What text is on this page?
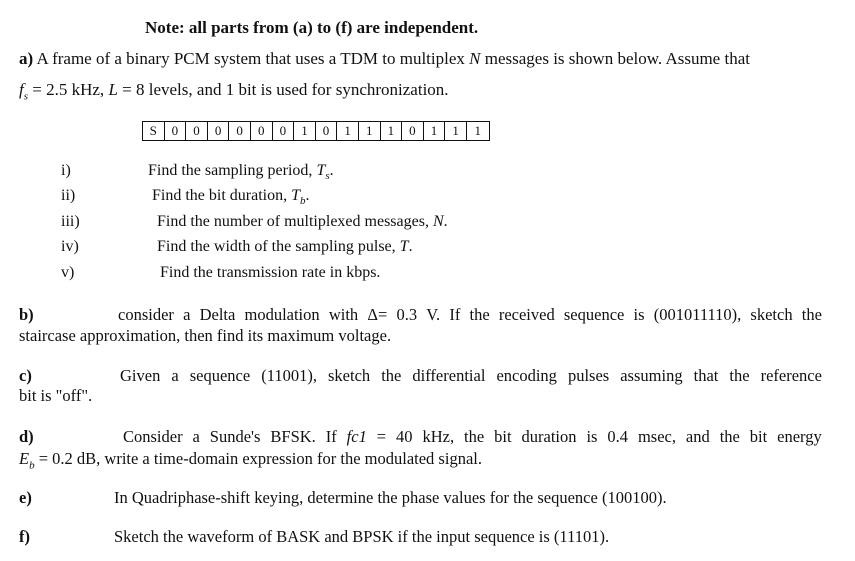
Note: all parts from (a) to (f) are independent.
a) A frame of a binary PCM system that uses a TDM to multiplex N messages is shown below. Assume that
$f_s = 2.5$ kHz, L = 8 levels, and 1 bit is used for synchronization.
S	0	0	0	0	0	0	1	0	1	1	1	0	1	1	1
i)	Find the sampling period, $T_s$.
ii)	Find the bit duration, $T_b$.
iii)	Find the number of multiplexed messages, N.
iv)	Find the width of the sampling pulse, T.
v)	Find the transmission rate in kbps.
b)	consider a Delta modulation with Δ= 0.3 V. If the received sequence is (001011110), sketch the
staircase approximation, then find its maximum voltage.
c)	Given a sequence (11001), sketch the differential encoding pulses assuming that the reference
bit is "off".
d)	Consider a Sunde's BFSK. If fc1 = 40 kHz, the bit duration is 0.4 msec, and the bit energy
$E_b = 0.2$ dB, write a time-domain expression for the modulated signal.
e)	In Quadriphase-shift keying, determine the phase values for the sequence (100100).
f)	Sketch the waveform of BASK and BPSK if the input sequence is (11101).
